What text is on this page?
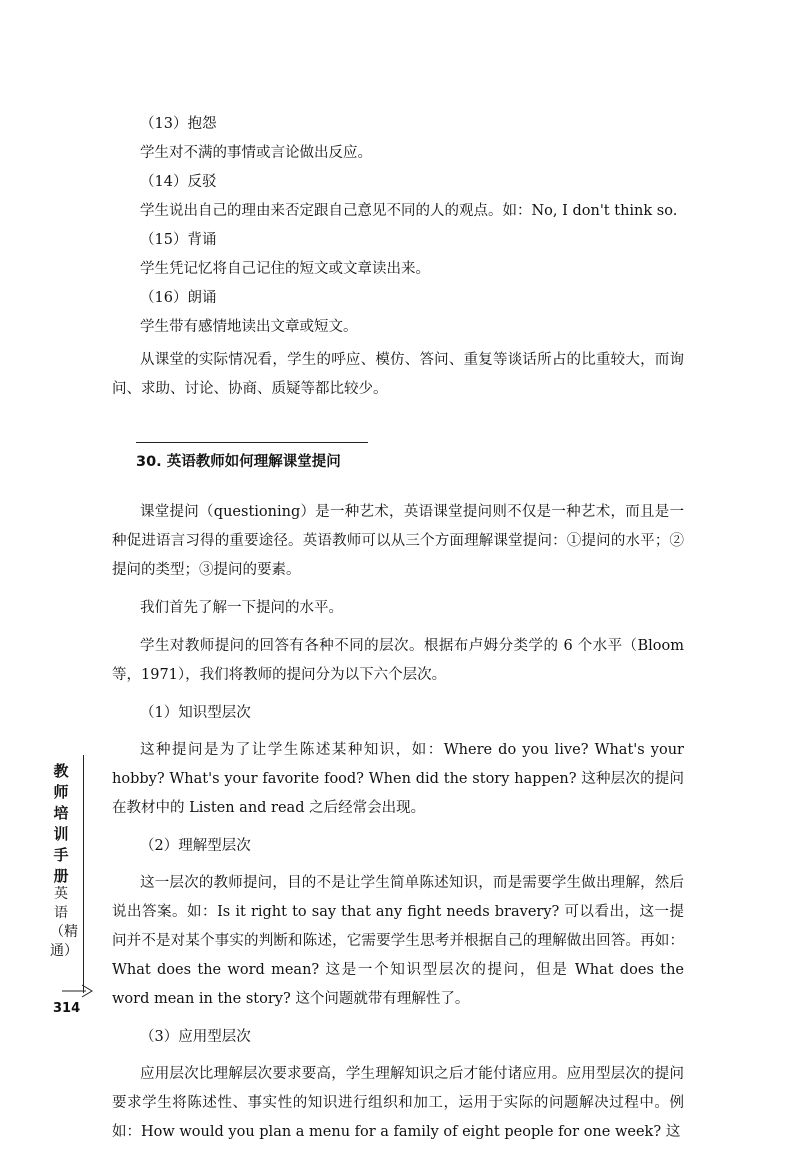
（13）抱怨

学生对不满的事情或言论做出反应。

（14）反驳

学生说出自己的理由来否定跟自己意见不同的人的观点。如：No, I don't think so.

（15）背诵

学生凭记忆将自己记住的短文或文章读出来。

（16）朗诵

学生带有感情地读出文章或短文。

从课堂的实际情况看，学生的呼应、模仿、答问、重复等谈话所占的比重较大，而询问、求助、讨论、协商、质疑等都比较少。

30. 英语教师如何理解课堂提问

课堂提问（questioning）是一种艺术，英语课堂提问则不仅是一种艺术，而且是一种促进语言习得的重要途径。英语教师可以从三个方面理解课堂提问：①提问的水平；②提问的类型；③提问的要素。

我们首先了解一下提问的水平。

学生对教师提问的回答有各种不同的层次。根据布卢姆分类学的 6 个水平（Bloom 等，1971），我们将教师的提问分为以下六个层次。

（1）知识型层次

这种提问是为了让学生陈述某种知识，如：Where do you live? What's your hobby? What's your favorite food? When did the story happen? 这种层次的提问在教材中的 Listen and read 之后经常会出现。

（2）理解型层次

这一层次的教师提问，目的不是让学生简单陈述知识，而是需要学生做出理解，然后说出答案。如：Is it right to say that any fight needs bravery? 可以看出，这一提问并不是对某个事实的判断和陈述，它需要学生思考并根据自己的理解做出回答。再如：What does the word mean? 这是一个知识型层次的提问，但是 What does the word mean in the story? 这个问题就带有理解性了。

（3）应用型层次

应用层次比理解层次要求要高，学生理解知识之后才能付诸应用。应用型层次的提问要求学生将陈述性、事实性的知识进行组织和加工，运用于实际的问题解决过程中。例如：How would you plan a menu for a family of eight people for one week? 这

教师培训手册
英语（精通）
314
